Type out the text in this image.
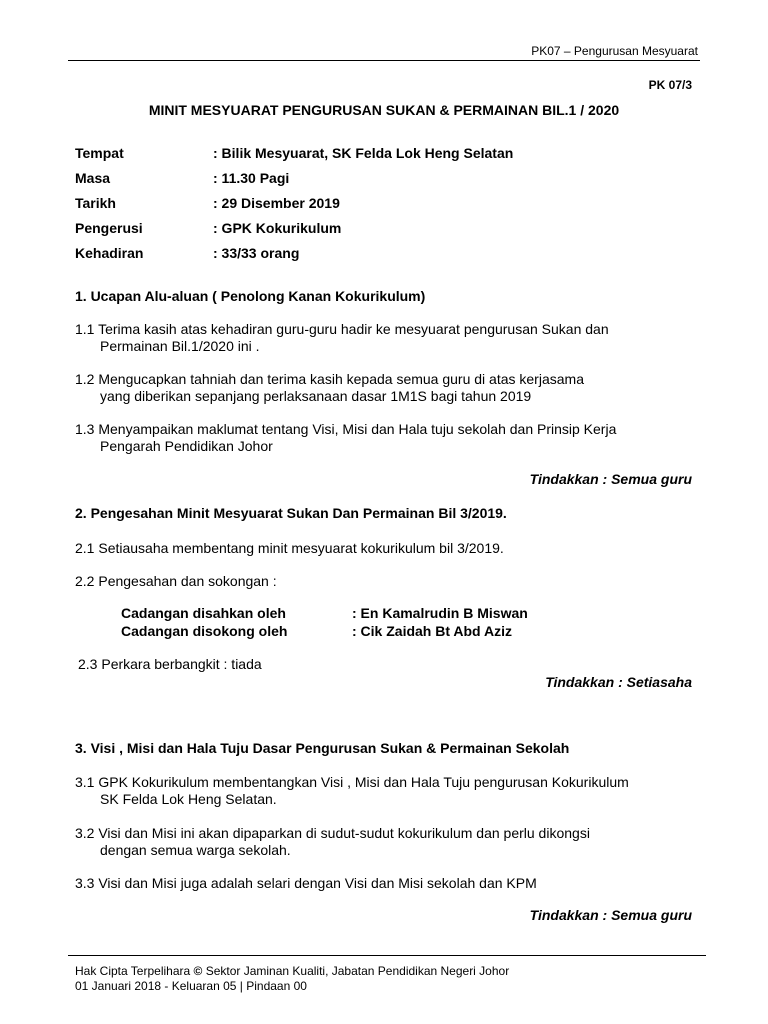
PK07 – Pengurusan Mesyuarat
PK 07/3
MINIT MESYUARAT PENGURUSAN SUKAN & PERMAINAN BIL.1 / 2020
Tempat	: Bilik Mesyuarat, SK Felda Lok Heng Selatan
Masa	: 11.30 Pagi
Tarikh	: 29 Disember 2019
Pengerusi	: GPK Kokurikulum
Kehadiran	: 33/33 orang
1. Ucapan Alu-aluan ( Penolong Kanan Kokurikulum)
1.1 Terima kasih atas kehadiran guru-guru hadir ke mesyuarat pengurusan Sukan dan
Permainan Bil.1/2020 ini .
1.2 Mengucapkan tahniah dan terima kasih kepada semua guru di atas kerjasama
yang diberikan sepanjang perlaksanaan dasar 1M1S bagi tahun 2019
1.3 Menyampaikan maklumat tentang Visi, Misi dan Hala tuju sekolah dan Prinsip Kerja
Pengarah Pendidikan Johor
Tindakkan : Semua guru
2. Pengesahan Minit Mesyuarat Sukan Dan Permainan Bil 3/2019.
2.1 Setiausaha membentang minit mesyuarat kokurikulum bil 3/2019.
2.2 Pengesahan dan sokongan :
Cadangan disahkan oleh	: En Kamalrudin B Miswan
Cadangan disokong oleh	: Cik Zaidah Bt Abd Aziz
2.3 Perkara berbangkit : tiada
Tindakkan : Setiasaha
3. Visi , Misi dan Hala Tuju Dasar Pengurusan Sukan & Permainan Sekolah
3.1 GPK Kokurikulum membentangkan Visi , Misi dan Hala Tuju pengurusan Kokurikulum
SK Felda Lok Heng Selatan.
3.2 Visi dan Misi ini akan dipaparkan di sudut-sudut kokurikulum dan perlu dikongsi
dengan semua warga sekolah.
3.3 Visi dan Misi juga adalah selari dengan Visi dan Misi sekolah dan KPM
Tindakkan : Semua guru
Hak Cipta Terpelihara © Sektor Jaminan Kualiti, Jabatan Pendidikan Negeri Johor
01 Januari 2018 - Keluaran 05 | Pindaan 00
